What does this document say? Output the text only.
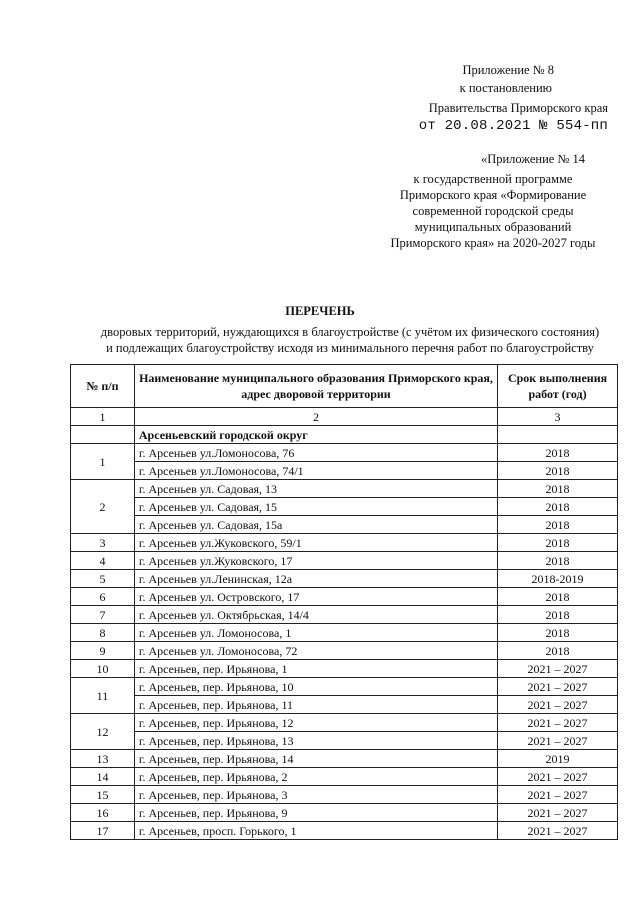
Приложение № 8
к постановлению
Правительства Приморского края
от 20.08.2021 № 554-пп
«Приложение № 14
к государственной программе
Приморского края «Формирование
современной городской среды
муниципальных образований
Приморского края» на 2020-2027 годы
ПЕРЕЧЕНЬ
дворовых территорий, нуждающихся в благоустройстве (с учётом их физического состояния)
и подлежащих благоустройству исходя из минимального перечня работ по благоустройству
№ п/п	Наименование муниципального образования Приморского края, адрес дворовой территории	Срок выполнения работ (год)
1	2	3
	Арсеньевский городской округ	
1	г. Арсеньев ул.Ломоносова, 76	2018
	г. Арсеньев ул.Ломоносова, 74/1	2018
2	г. Арсеньев ул. Садовая, 13	2018
	г. Арсеньев ул. Садовая, 15	2018
	г. Арсеньев ул. Садовая, 15а	2018
3	г. Арсеньев ул.Жуковского, 59/1	2018
4	г. Арсеньев ул.Жуковского, 17	2018
5	г. Арсеньев ул.Ленинская, 12а	2018-2019
6	г. Арсеньев ул. Островского, 17	2018
7	г. Арсеньев ул. Октябрьская, 14/4	2018
8	г. Арсеньев ул. Ломоносова, 1	2018
9	г. Арсеньев ул. Ломоносова, 72	2018
10	г. Арсеньев, пер. Ирьянова, 1	2021 – 2027
11	г. Арсеньев, пер. Ирьянова, 10	2021 – 2027
	г. Арсеньев, пер. Ирьянова, 11	2021 – 2027
12	г. Арсеньев, пер. Ирьянова, 12	2021 – 2027
	г. Арсеньев, пер. Ирьянова, 13	2021 – 2027
13	г. Арсеньев, пер. Ирьянова, 14	2019
14	г. Арсеньев, пер. Ирьянова, 2	2021 – 2027
15	г. Арсеньев, пер. Ирьянова, 3	2021 – 2027
16	г. Арсеньев, пер. Ирьянова, 9	2021 – 2027
17	г. Арсеньев, просп. Горького, 1	2021 – 2027
